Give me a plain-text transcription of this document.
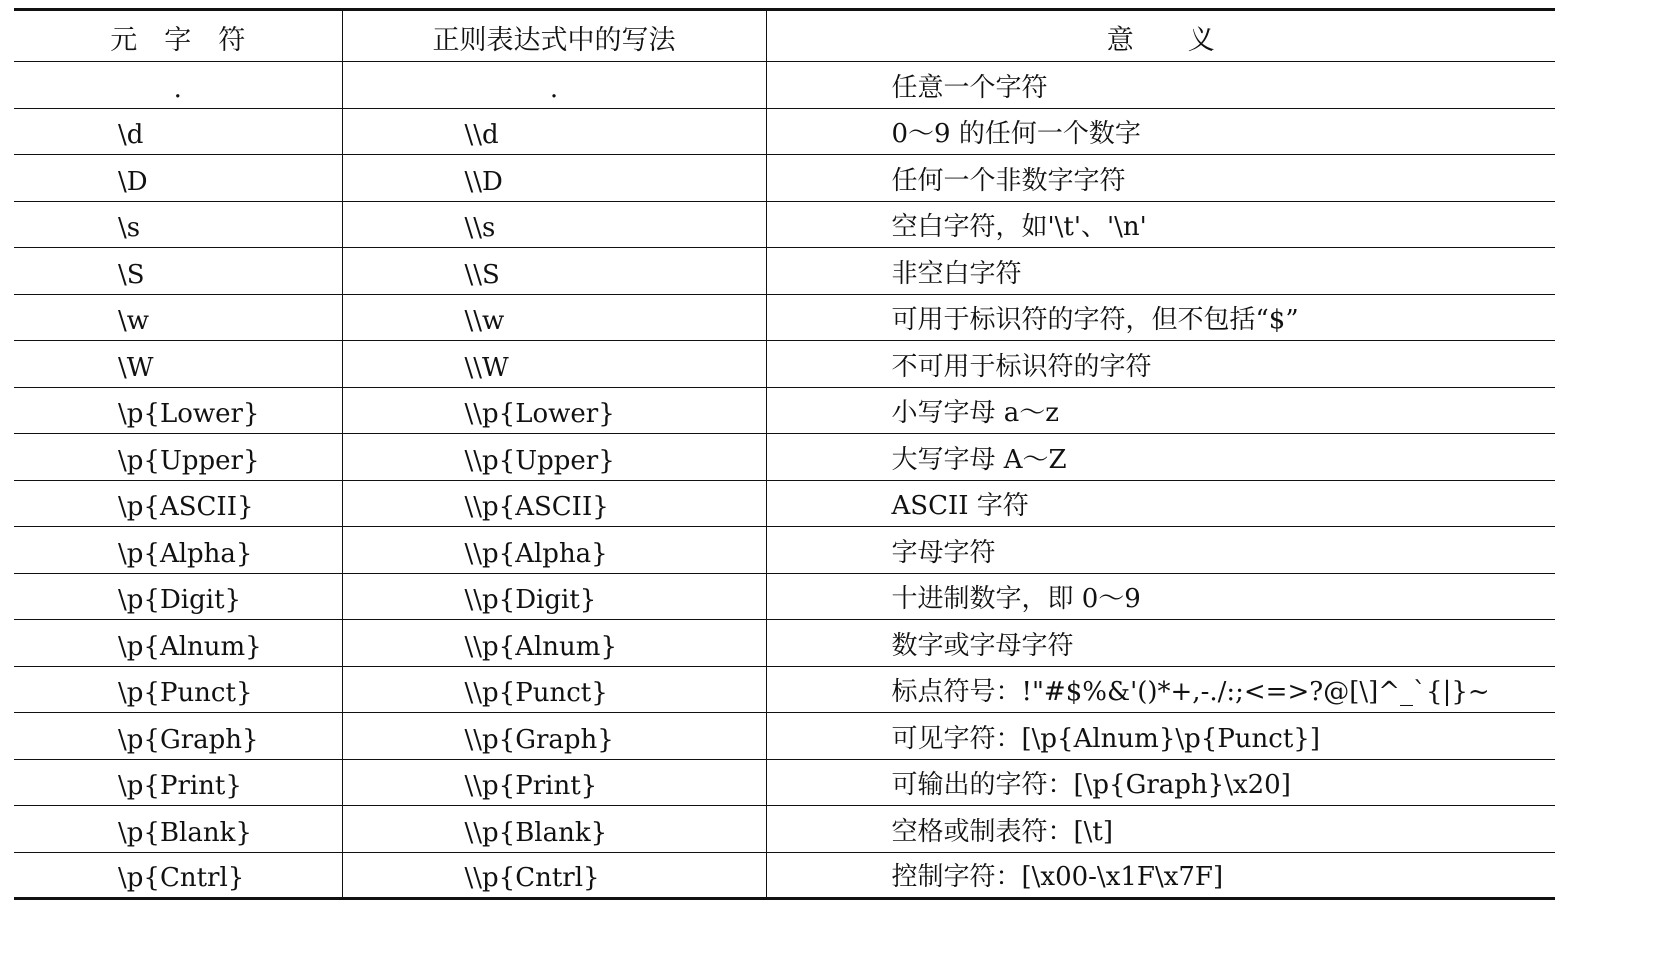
元　字　符	正则表达式中的写法	意　　义
.	.	任意一个字符
\d	\\d	0～9 的任何一个数字
\D	\\D	任何一个非数字字符
\s	\\s	空白字符，如'\t'、'\n'
\S	\\S	非空白字符
\w	\\w	可用于标识符的字符，但不包括“$”
\W	\\W	不可用于标识符的字符
\p{Lower}	\\p{Lower}	小写字母 a～z
\p{Upper}	\\p{Upper}	大写字母 A～Z
\p{ASCII}	\\p{ASCII}	ASCII 字符
\p{Alpha}	\\p{Alpha}	字母字符
\p{Digit}	\\p{Digit}	十进制数字，即 0～9
\p{Alnum}	\\p{Alnum}	数字或字母字符
\p{Punct}	\\p{Punct}	标点符号：!"#$%&'()*+,-./:;<=>?@[\]^_`{|}~
\p{Graph}	\\p{Graph}	可见字符：[\p{Alnum}\p{Punct}]
\p{Print}	\\p{Print}	可输出的字符：[\p{Graph}\x20]
\p{Blank}	\\p{Blank}	空格或制表符：[\t]
\p{Cntrl}	\\p{Cntrl}	控制字符：[\x00-\x1F\x7F]
